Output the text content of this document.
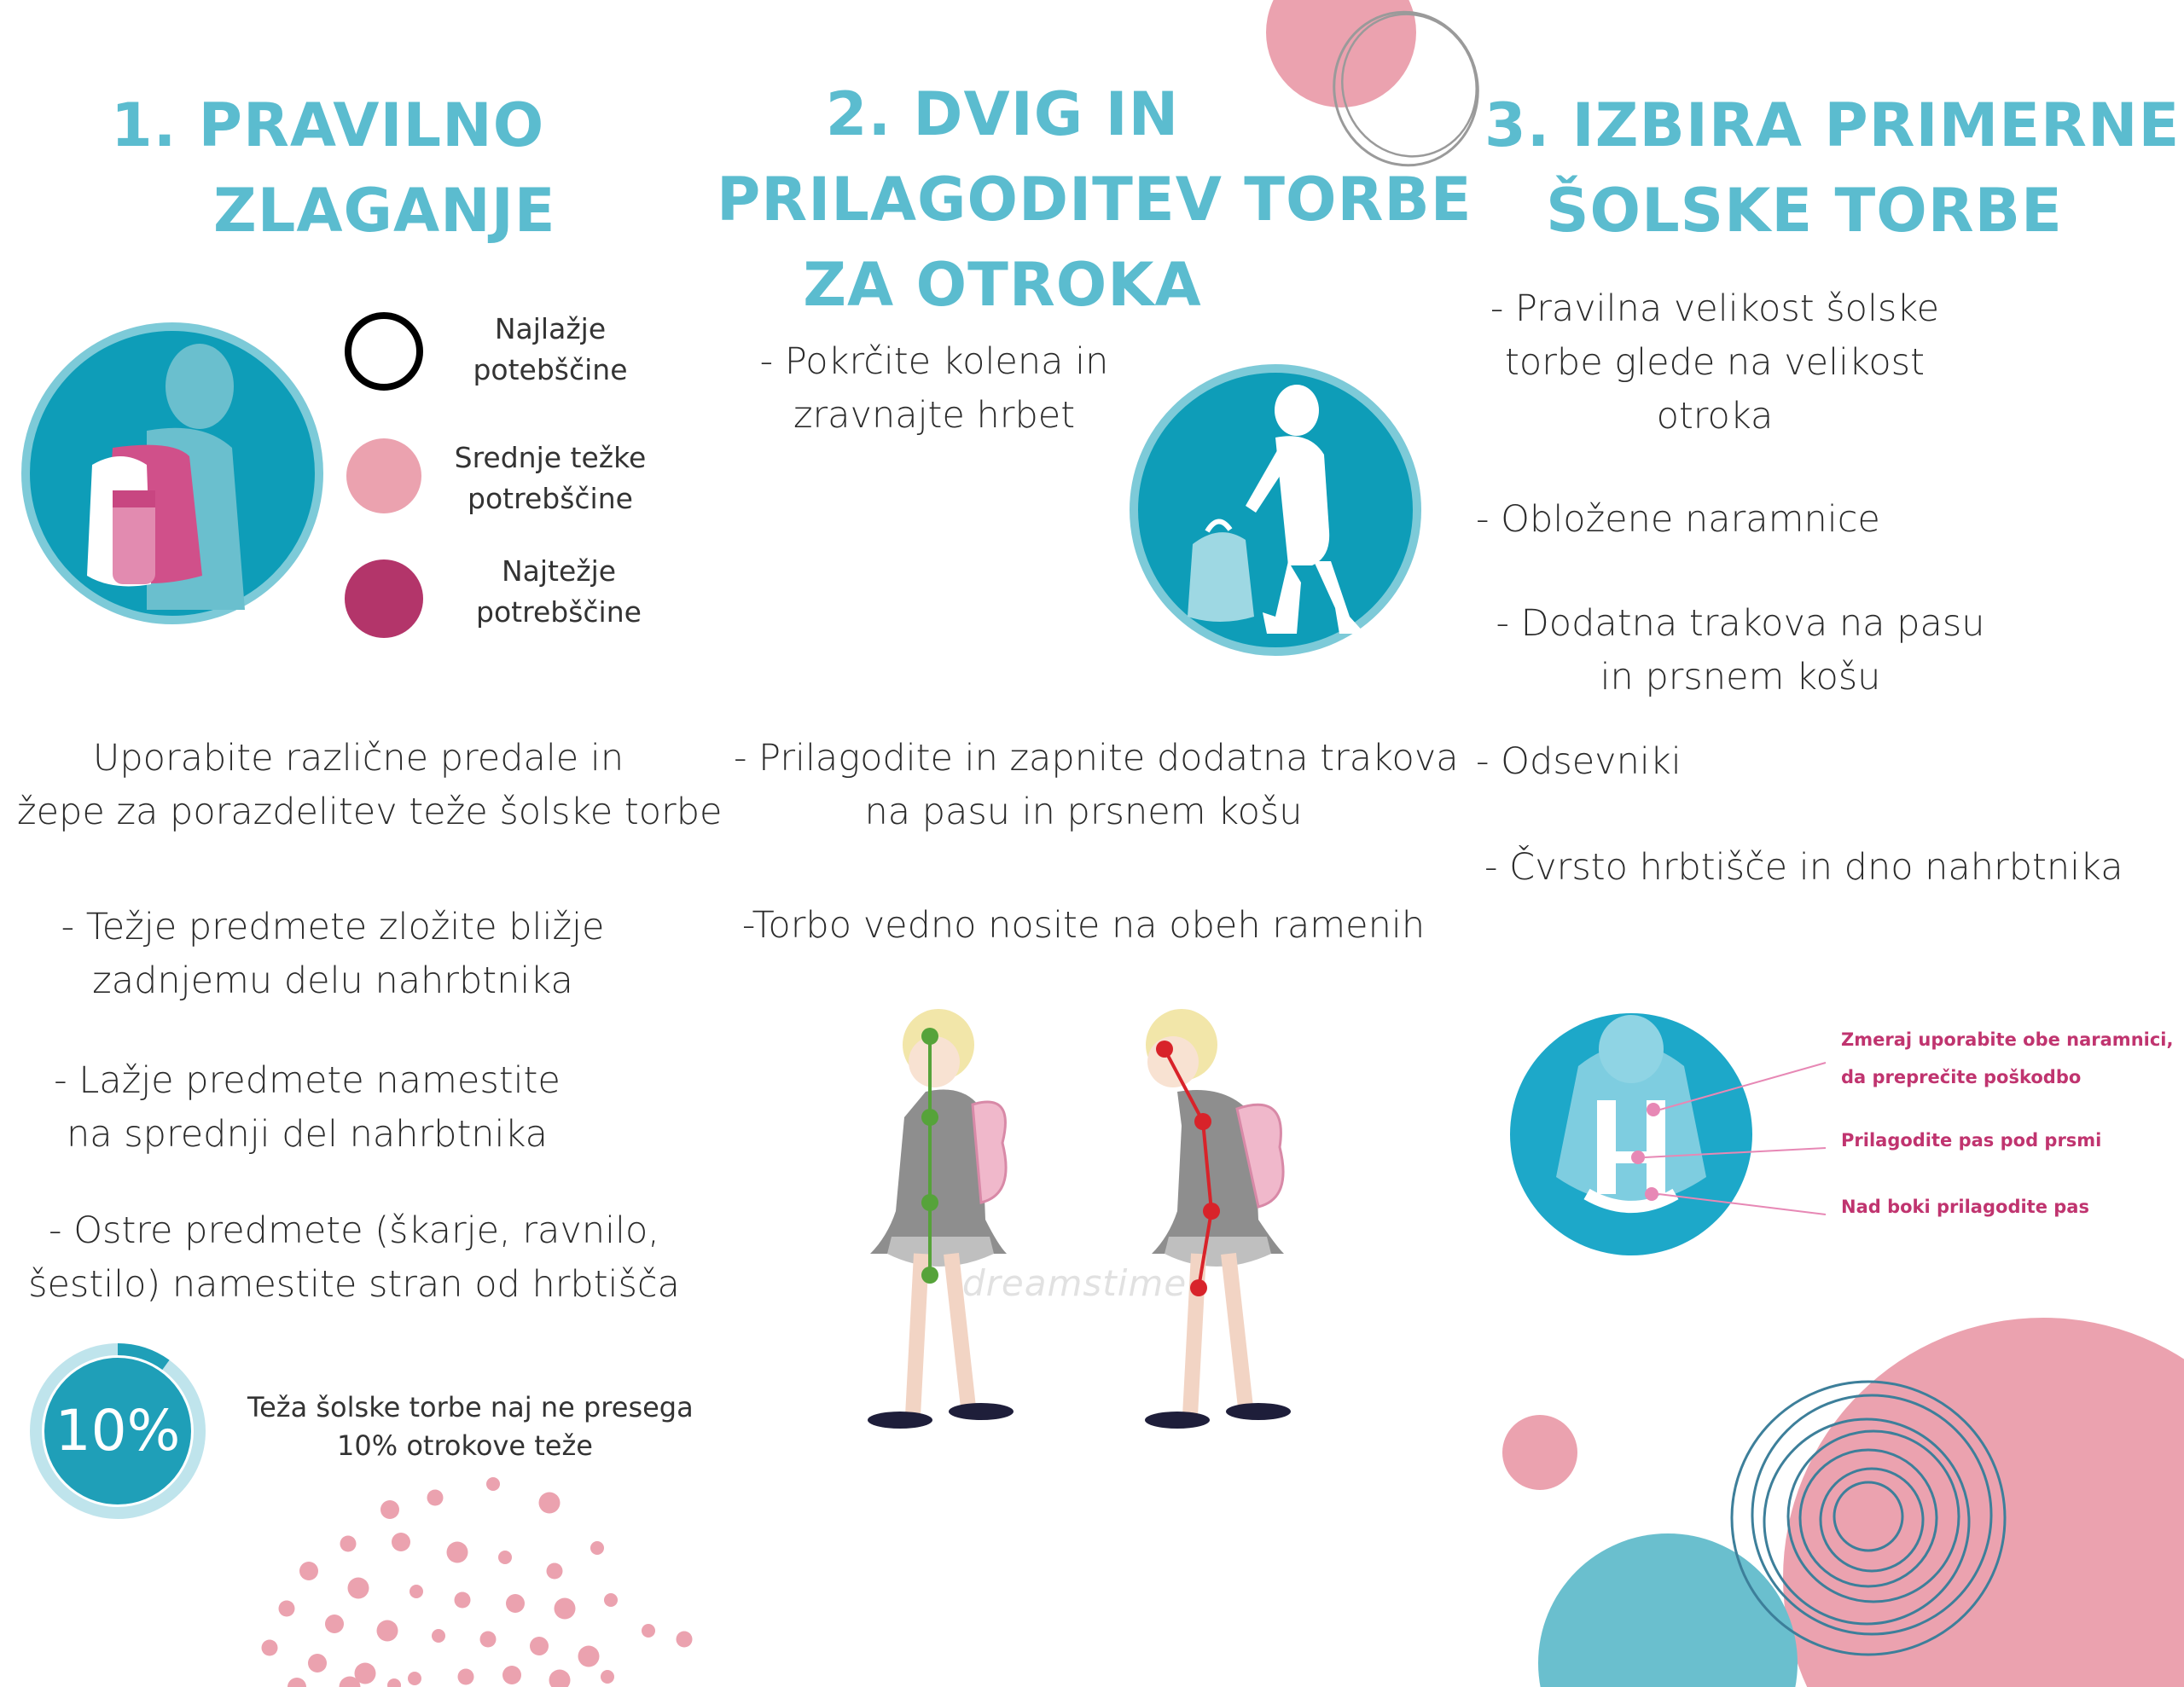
1. PRAVILNO
ZLAGANJE
Najlažje
potebščine
Srednje težke
potrebščine
Najtežje
potrebščine
Uporabite različne predale in
žepe za porazdelitev teže šolske torbe
- Težje predmete zložite bližje
zadnjemu delu nahrbtnika
- Lažje predmete namestite
na sprednji del nahrbtnika
- Ostre predmete (škarje, ravnilo,
šestilo) namestite stran od hrbtišča
10%	Teža šolske torbe naj ne presega
10% otrokove teže
2. DVIG IN
PRILAGODITEV TORBE
ZA OTROKA
- Pokrčite kolena in
zravnajte hrbet
- Prilagodite in zapnite dodatna trakova
na pasu in prsnem košu
-Torbo vedno nosite na obeh ramenih
dreamstime
3. IZBIRA PRIMERNE
ŠOLSKE TORBE
- Pravilna velikost šolske
torbe glede na velikost
otroka
- Obložene naramnice
- Dodatna trakova na pasu
in prsnem košu
- Odsevniki
- Čvrsto hrbtišče in dno nahrbtnika
Zmeraj uporabite obe naramnici,
da preprečite poškodbo
Prilagodite pas pod prsmi
Nad boki prilagodite pas
